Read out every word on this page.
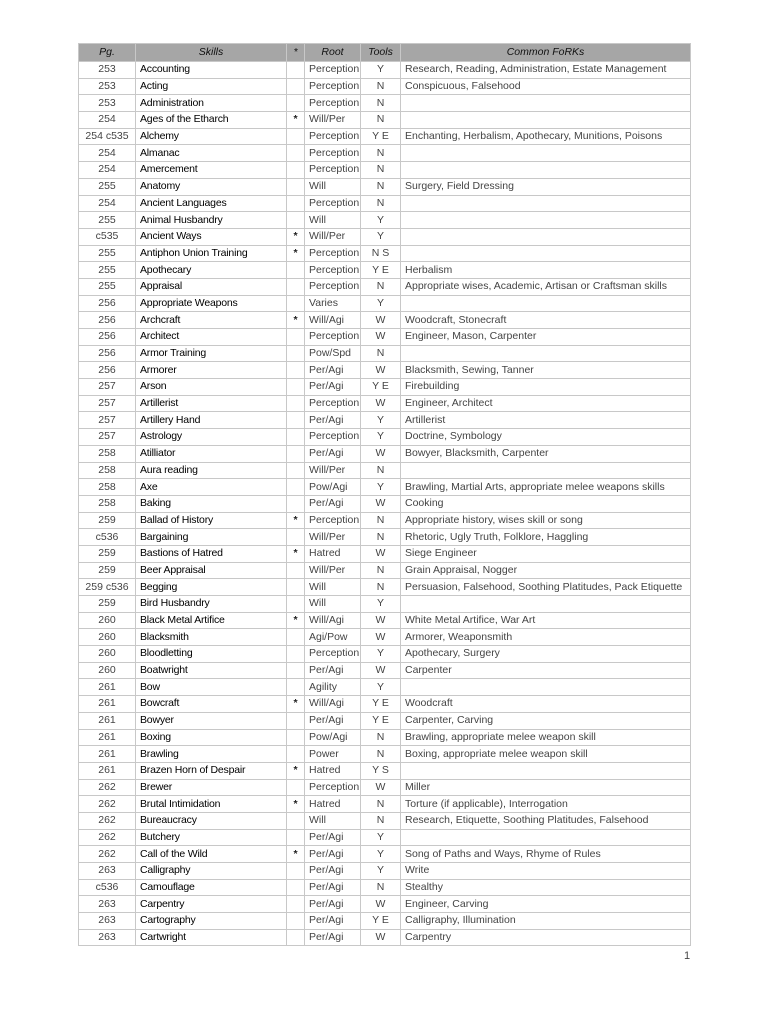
Pg.	Skills	*	Root	Tools	Common FoRKs
253	Accounting		Perception	Y	Research, Reading, Administration, Estate Management
253	Acting		Perception	N	Conspicuous, Falsehood
253	Administration		Perception	N	
254	Ages of the Etharch	*	Will/Per	N	
254 c535	Alchemy		Perception	Y E	Enchanting, Herbalism, Apothecary, Munitions, Poisons
254	Almanac		Perception	N	
254	Amercement		Perception	N	
255	Anatomy		Will	N	Surgery, Field Dressing
254	Ancient Languages		Perception	N	
255	Animal Husbandry		Will	Y	
c535	Ancient Ways	*	Will/Per	Y	
255	Antiphon Union Training	*	Perception	N S	
255	Apothecary		Perception	Y E	Herbalism
255	Appraisal		Perception	N	Appropriate wises, Academic, Artisan or Craftsman skills
256	Appropriate Weapons		Varies	Y	
256	Archcraft	*	Will/Agi	W	Woodcraft, Stonecraft
256	Architect		Perception	W	Engineer, Mason, Carpenter
256	Armor Training		Pow/Spd	N	
256	Armorer		Per/Agi	W	Blacksmith, Sewing, Tanner
257	Arson		Per/Agi	Y E	Firebuilding
257	Artillerist		Perception	W	Engineer, Architect
257	Artillery Hand		Per/Agi	Y	Artillerist
257	Astrology		Perception	Y	Doctrine, Symbology
258	Atilliator		Per/Agi	W	Bowyer, Blacksmith, Carpenter
258	Aura reading		Will/Per	N	
258	Axe		Pow/Agi	Y	Brawling, Martial Arts, appropriate melee weapons skills
258	Baking		Per/Agi	W	Cooking
259	Ballad of History	*	Perception	N	Appropriate history, wises skill or song
c536	Bargaining		Will/Per	N	Rhetoric, Ugly Truth, Folklore, Haggling
259	Bastions of Hatred	*	Hatred	W	Siege Engineer
259	Beer Appraisal		Will/Per	N	Grain Appraisal, Nogger
259 c536	Begging		Will	N	Persuasion, Falsehood, Soothing Platitudes, Pack Etiquette
259	Bird Husbandry		Will	Y	
260	Black Metal Artifice	*	Will/Agi	W	White Metal Artifice, War Art
260	Blacksmith		Agi/Pow	W	Armorer, Weaponsmith
260	Bloodletting		Perception	Y	Apothecary, Surgery
260	Boatwright		Per/Agi	W	Carpenter
261	Bow		Agility	Y	
261	Bowcraft	*	Will/Agi	Y E	Woodcraft
261	Bowyer		Per/Agi	Y E	Carpenter, Carving
261	Boxing		Pow/Agi	N	Brawling, appropriate melee weapon skill
261	Brawling		Power	N	Boxing, appropriate melee weapon skill
261	Brazen Horn of Despair	*	Hatred	Y S	
262	Brewer		Perception	W	Miller
262	Brutal Intimidation	*	Hatred	N	Torture (if applicable), Interrogation
262	Bureaucracy		Will	N	Research, Etiquette, Soothing Platitudes, Falsehood
262	Butchery		Per/Agi	Y	
262	Call of the Wild	*	Per/Agi	Y	Song of Paths and Ways, Rhyme of Rules
263	Calligraphy		Per/Agi	Y	Write
c536	Camouflage		Per/Agi	N	Stealthy
263	Carpentry		Per/Agi	W	Engineer, Carving
263	Cartography		Per/Agi	Y E	Calligraphy, Illumination
263	Cartwright		Per/Agi	W	Carpentry
1
